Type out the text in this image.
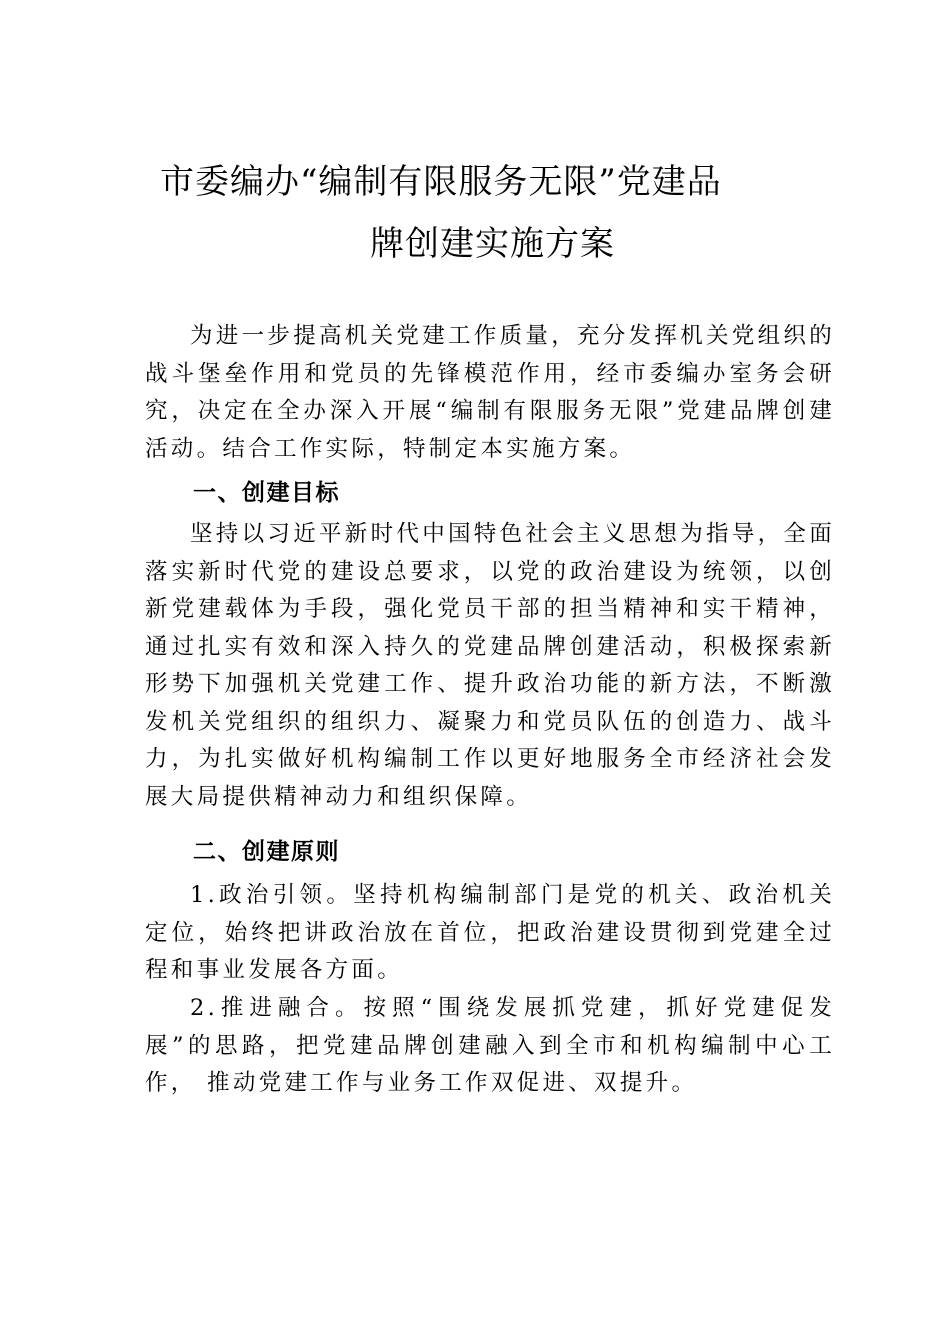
市委编办“编制有限服务无限”党建品
牌创建实施方案
为进一步提高机关党建工作质量，充分发挥机关党组织的战斗堡垒作用和党员的先锋模范作用，经市委编办室务会研究，决定在全办深入开展“编制有限服务无限”党建品牌创建活动。结合工作实际，特制定本实施方案。
一、创建目标
坚持以习近平新时代中国特色社会主义思想为指导，全面落实新时代党的建设总要求，以党的政治建设为统领，以创新党建载体为手段，强化党员干部的担当精神和实干精神，通过扎实有效和深入持久的党建品牌创建活动，积极探索新形势下加强机关党建工作、提升政治功能的新方法，不断激发机关党组织的组织力、凝聚力和党员队伍的创造力、战斗力，为扎实做好机构编制工作以更好地服务全市经济社会发展大局提供精神动力和组织保障。
二、创建原则
1.政治引领。坚持机构编制部门是党的机关、政治机关定位，始终把讲政治放在首位，把政治建设贯彻到党建全过程和事业发展各方面。
2.推进融合。按照“围绕发展抓党建，抓好党建促发展”的思路，把党建品牌创建融入到全市和机构编制中心工作， 推动党建工作与业务工作双促进、双提升。
